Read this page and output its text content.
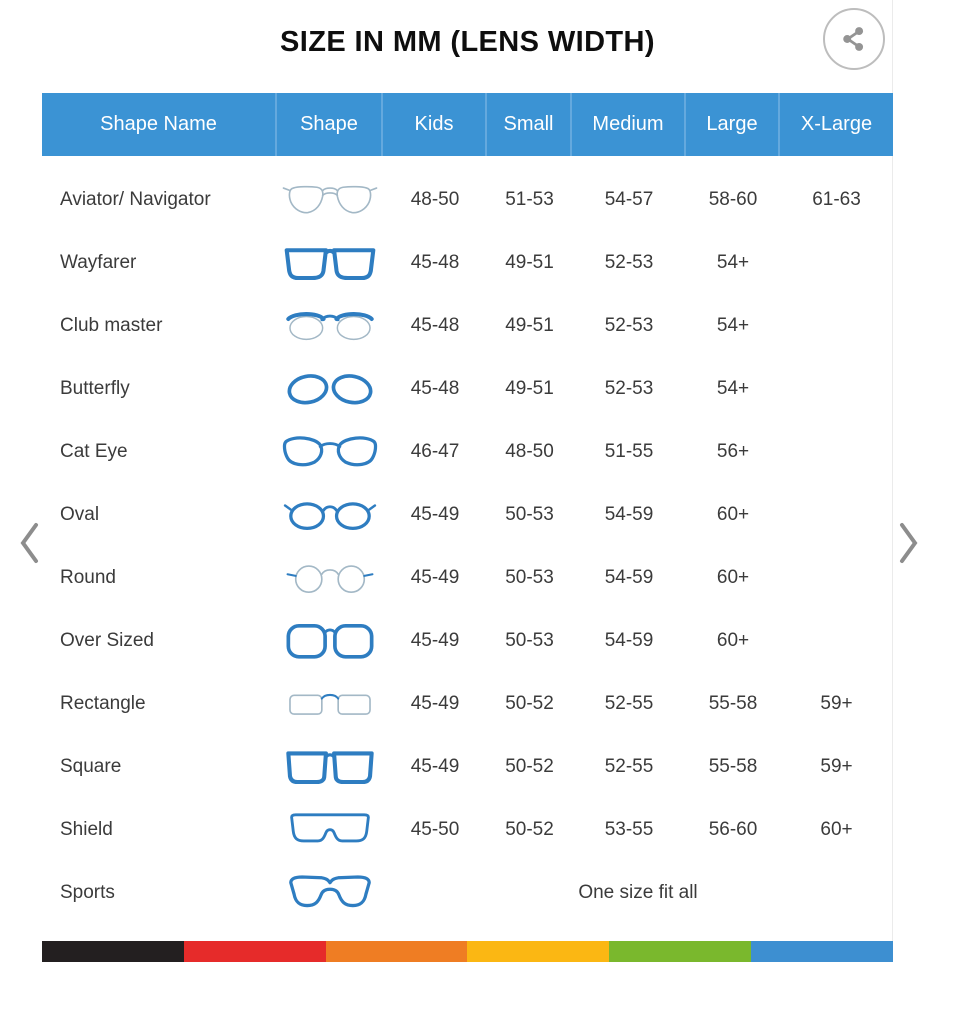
SIZE IN MM (LENS WIDTH)
Shape Name	Shape	Kids	Small	Medium	Large	X-Large
Aviator/ Navigator	48-50	51-53	54-57	58-60	61-63
Wayfarer	45-48	49-51	52-53	54+
Club master	45-48	49-51	52-53	54+
Butterfly	45-48	49-51	52-53	54+
Cat Eye	46-47	48-50	51-55	56+
Oval	45-49	50-53	54-59	60+
Round	45-49	50-53	54-59	60+
Over Sized	45-49	50-53	54-59	60+
Rectangle	45-49	50-52	52-55	55-58	59+
Square	45-49	50-52	52-55	55-58	59+
Shield	45-50	50-52	53-55	56-60	60+
Sports	One size fit all
